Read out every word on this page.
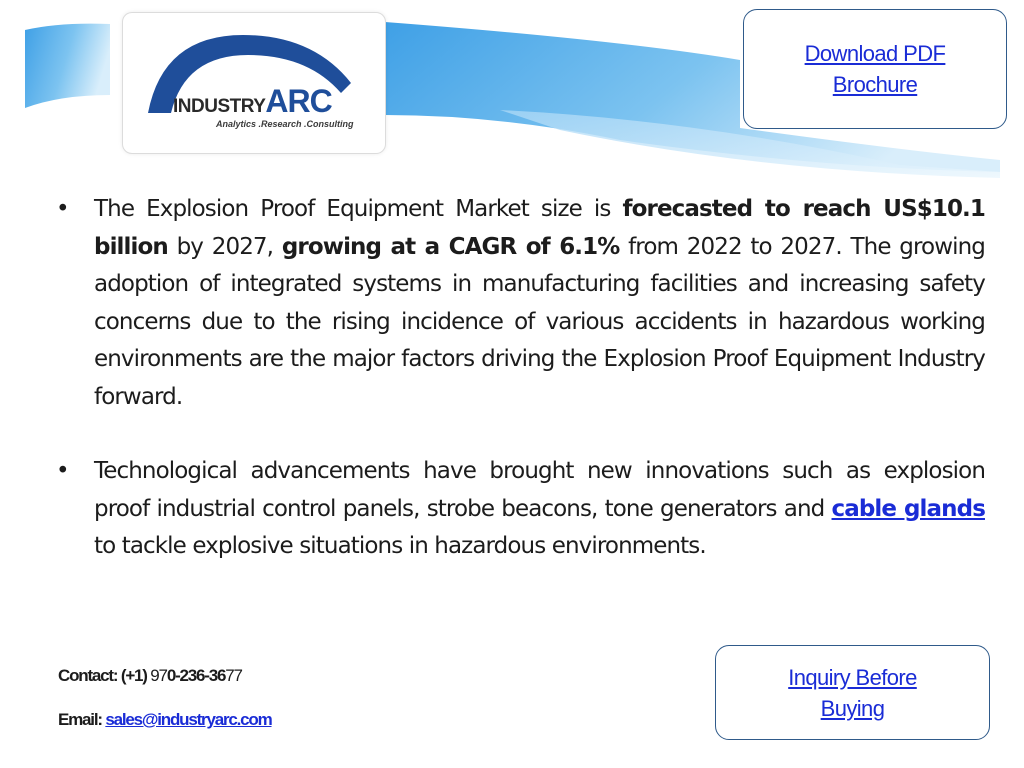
INDUSTRYARC
Analytics .Research .Consulting
Download PDF Brochure

• The Explosion Proof Equipment Market size is forecasted to reach US$10.1 billion by 2027, growing at a CAGR of 6.1% from 2022 to 2027. The growing adoption of integrated systems in manufacturing facilities and increasing safety concerns due to the rising incidence of various accidents in hazardous working environments are the major factors driving the Explosion Proof Equipment Industry forward.

• Technological advancements have brought new innovations such as explosion proof industrial control panels, strobe beacons, tone generators and cable glands to tackle explosive situations in hazardous environments.

Contact: (+1) 970-236-3677
Email: sales@industryarc.com
Inquiry Before Buying
